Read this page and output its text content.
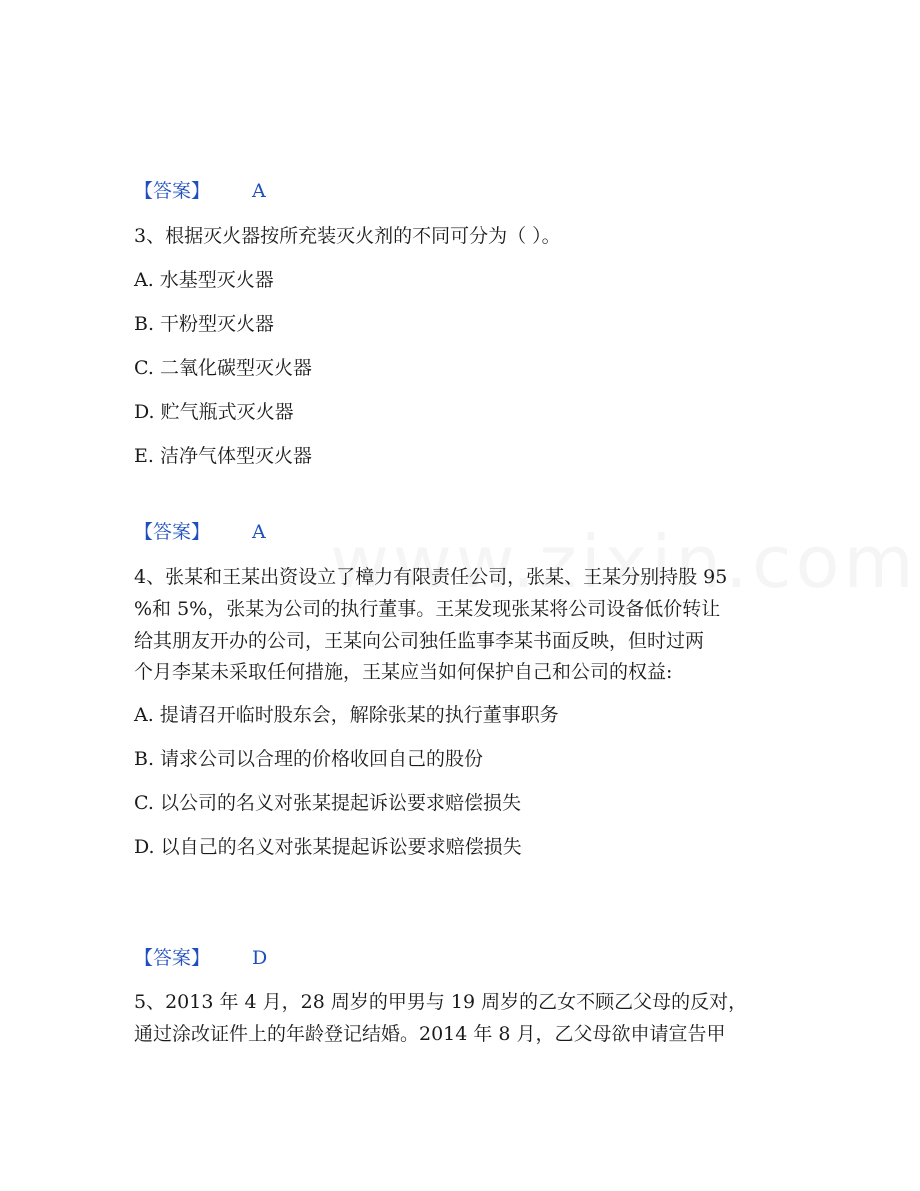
【答案】 A
3、根据灭火器按所充装灭火剂的不同可分为（ ）。
A. 水基型灭火器
B. 干粉型灭火器
C. 二氧化碳型灭火器
D. 贮气瓶式灭火器
E. 洁净气体型灭火器
【答案】 A
4、张某和王某出资设立了樟力有限责任公司，张某、王某分别持股 95
%和 5%，张某为公司的执行董事。王某发现张某将公司设备低价转让
给其朋友开办的公司，王某向公司独任监事李某书面反映，但时过两
个月李某未采取任何措施，王某应当如何保护自己和公司的权益:
A. 提请召开临时股东会，解除张某的执行董事职务
B. 请求公司以合理的价格收回自己的股份
C. 以公司的名义对张某提起诉讼要求赔偿损失
D. 以自己的名义对张某提起诉讼要求赔偿损失
【答案】 D
5、2013 年 4 月，28 周岁的甲男与 19 周岁的乙女不顾乙父母的反对，
通过涂改证件上的年龄登记结婚。2014 年 8 月，乙父母欲申请宣告甲
